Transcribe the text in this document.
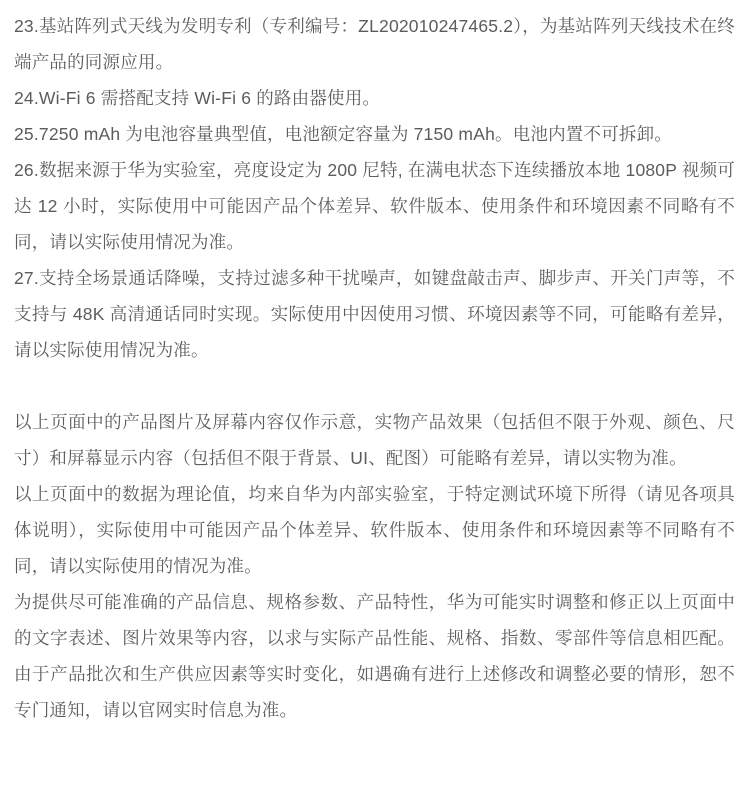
23.基站阵列式天线为发明专利（专利编号：ZL202010247465.2），为基站阵列天线技术在终端产品的同源应用。

24.Wi-Fi 6 需搭配支持 Wi-Fi 6 的路由器使用。

25.7250 mAh 为电池容量典型值，电池额定容量为 7150 mAh。电池内置不可拆卸。

26.数据来源于华为实验室，亮度设定为 200 尼特, 在满电状态下连续播放本地 1080P 视频可达 12 小时，实际使用中可能因产品个体差异、软件版本、使用条件和环境因素不同略有不同，请以实际使用情况为准。

27.支持全场景通话降噪，支持过滤多种干扰噪声，如键盘敲击声、脚步声、开关门声等，不支持与 48K 高清通话同时实现。实际使用中因使用习惯、环境因素等不同，可能略有差异，请以实际使用情况为准。

以上页面中的产品图片及屏幕内容仅作示意，实物产品效果（包括但不限于外观、颜色、尺寸）和屏幕显示内容（包括但不限于背景、UI、配图）可能略有差异，请以实物为准。

以上页面中的数据为理论值，均来自华为内部实验室，于特定测试环境下所得（请见各项具体说明），实际使用中可能因产品个体差异、软件版本、使用条件和环境因素等不同略有不同，请以实际使用的情况为准。

为提供尽可能准确的产品信息、规格参数、产品特性，华为可能实时调整和修正以上页面中的文字表述、图片效果等内容，以求与实际产品性能、规格、指数、零部件等信息相匹配。由于产品批次和生产供应因素等实时变化，如遇确有进行上述修改和调整必要的情形，恕不专门通知，请以官网实时信息为准。
